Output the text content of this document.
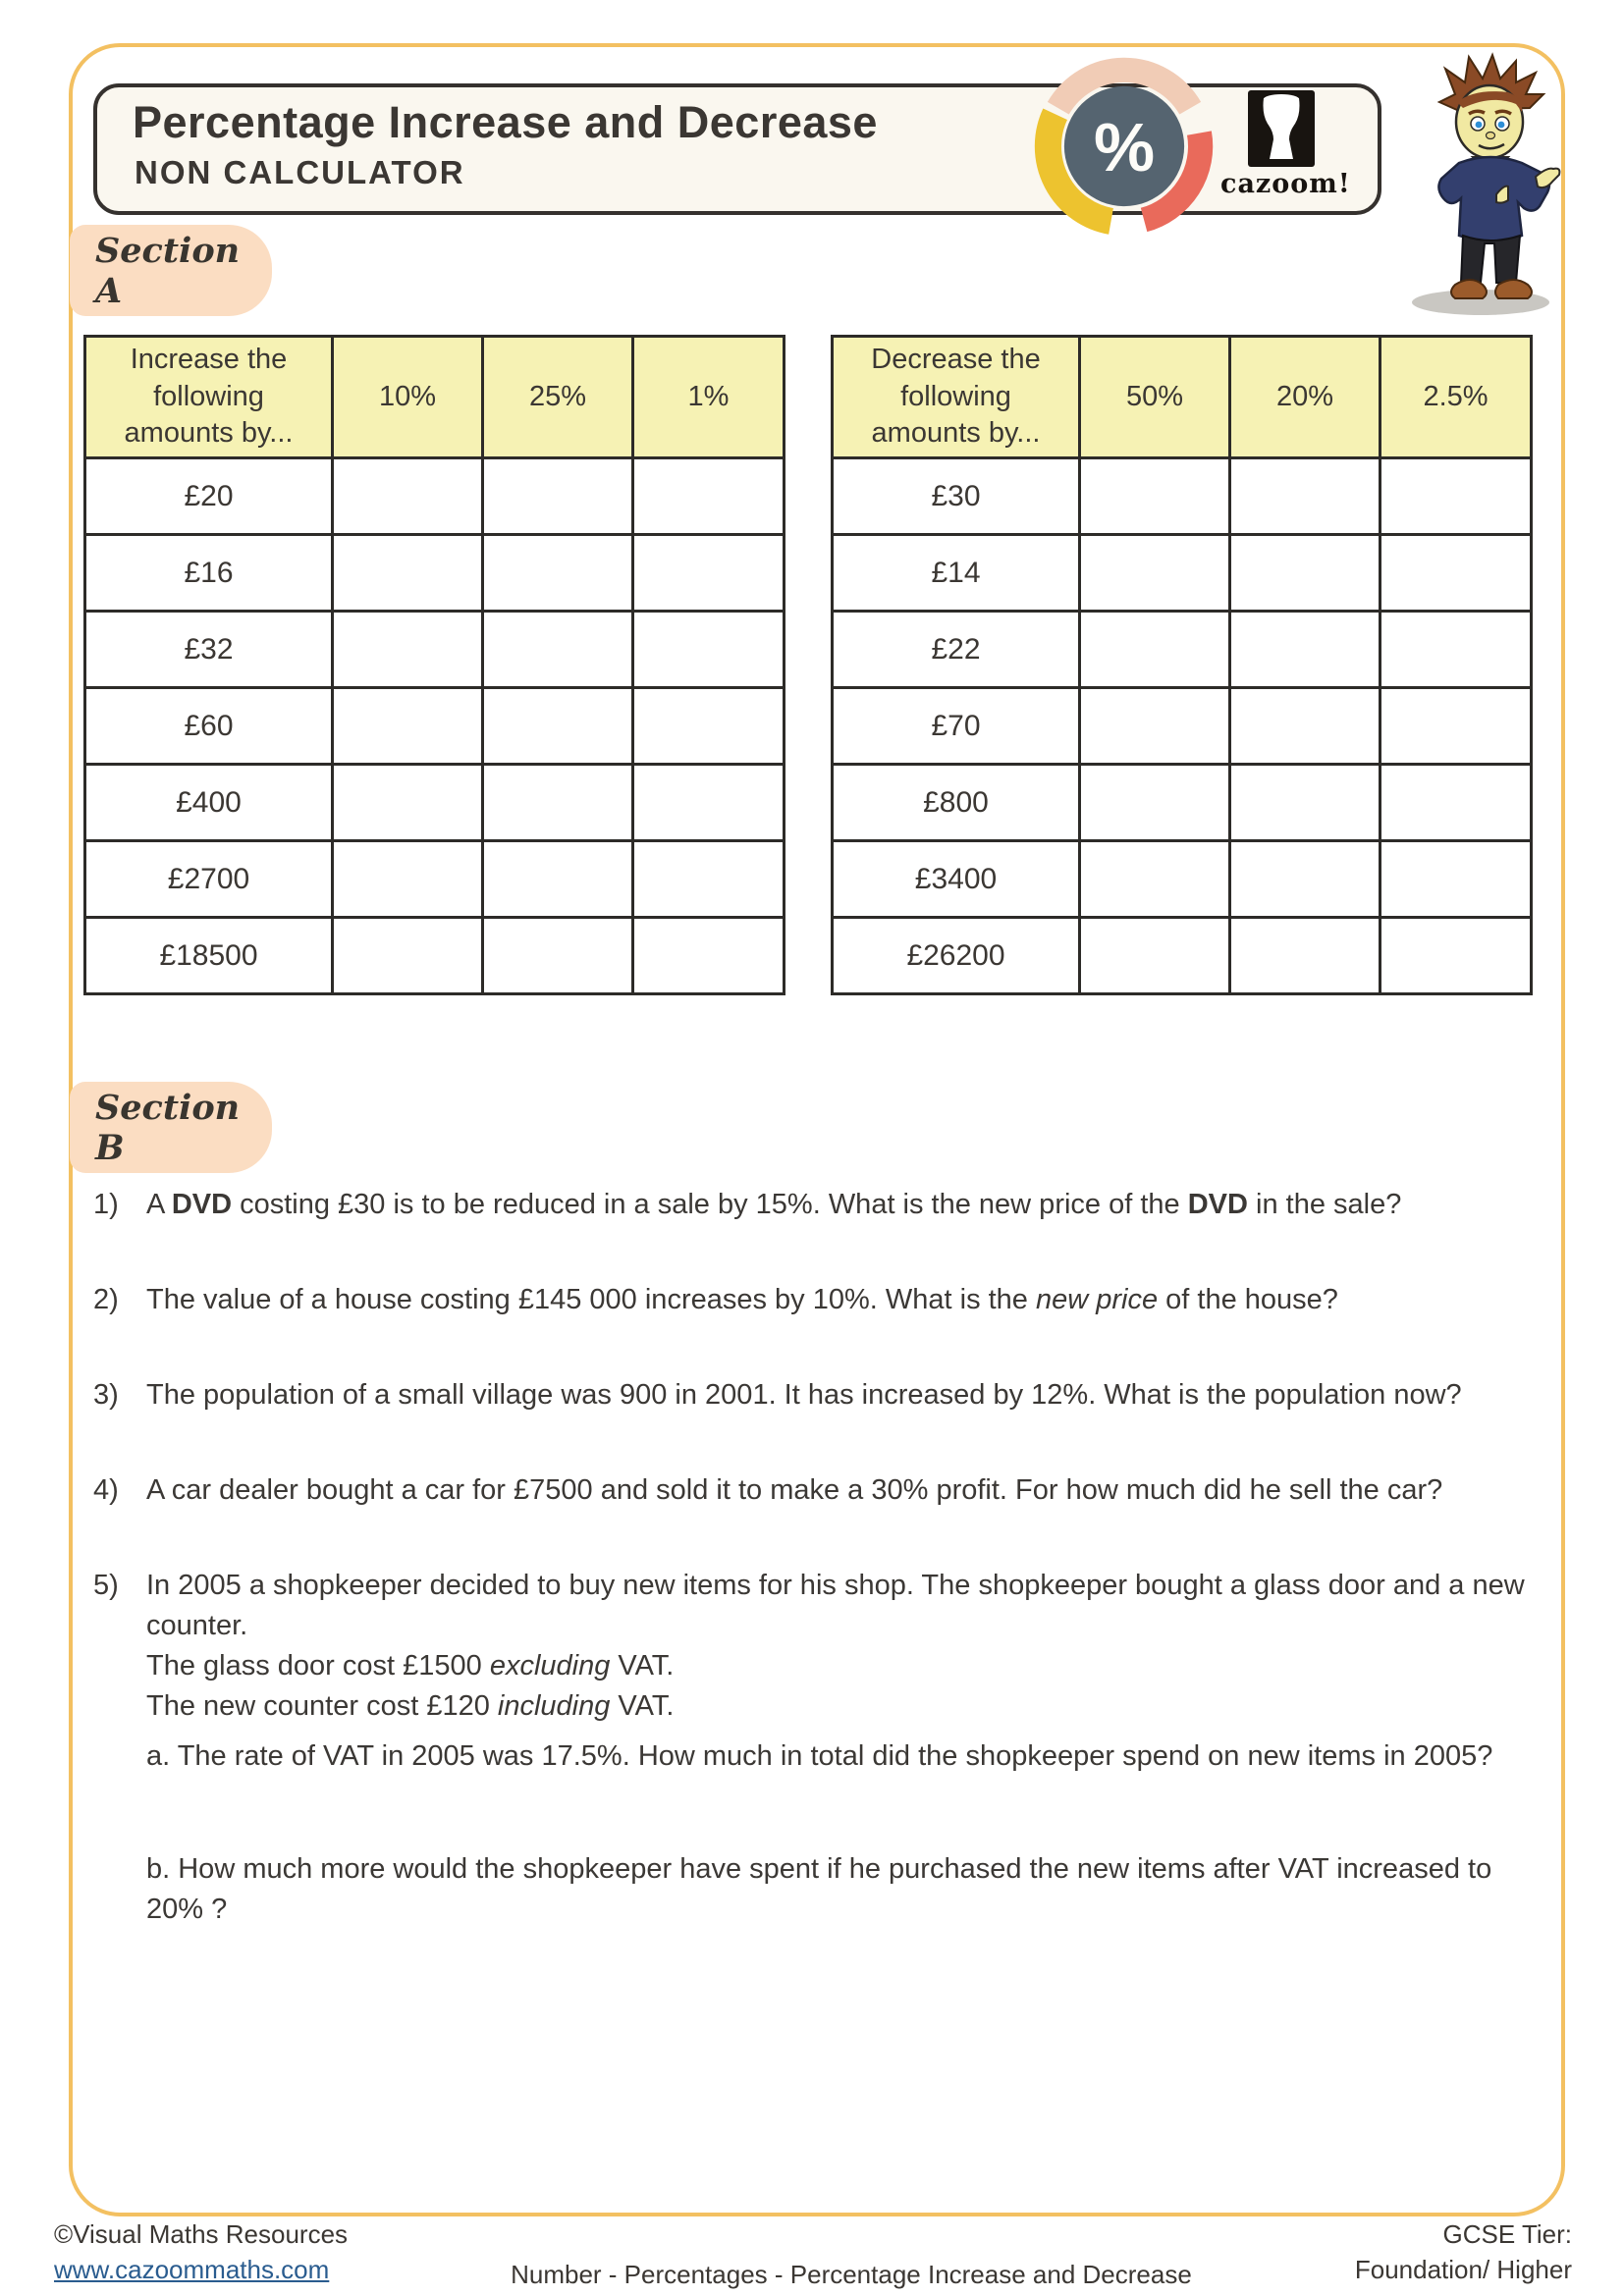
Percentage Increase and Decrease
NON CALCULATOR	% cazoom!
Section A
Increase the following amounts by...	10%	25%	1%
£20			
£16			
£32			
£60			
£400			
£2700			
£18500			
Decrease the following amounts by...	50%	20%	2.5%
£30			
£14			
£22			
£70			
£800			
£3400			
£26200			
Section B
1) A DVD costing £30 is to be reduced in a sale by 15%. What is the new price of the DVD in the sale?

2) The value of a house costing £145 000 increases by 10%. What is the new price of the house?

3) The population of a small village was 900 in 2001. It has increased by 12%. What is the population now?

4) A car dealer bought a car for £7500 and sold it to make a 30% profit. For how much did he sell the car?

5) In 2005 a shopkeeper decided to buy new items for his shop. The shopkeeper bought a glass door and a new counter.

The glass door cost £1500 excluding VAT.

The new counter cost £120 including VAT.

a. The rate of VAT in 2005 was 17.5%. How much in total did the shopkeeper spend on new items in 2005?

b. How much more would the shopkeeper have spent if he purchased the new items after VAT increased to 20% ?

©Visual Maths Resources
www.cazoommaths.com	Number - Percentages - Percentage Increase and Decrease
GCSE Tier:
Foundation/ Higher
